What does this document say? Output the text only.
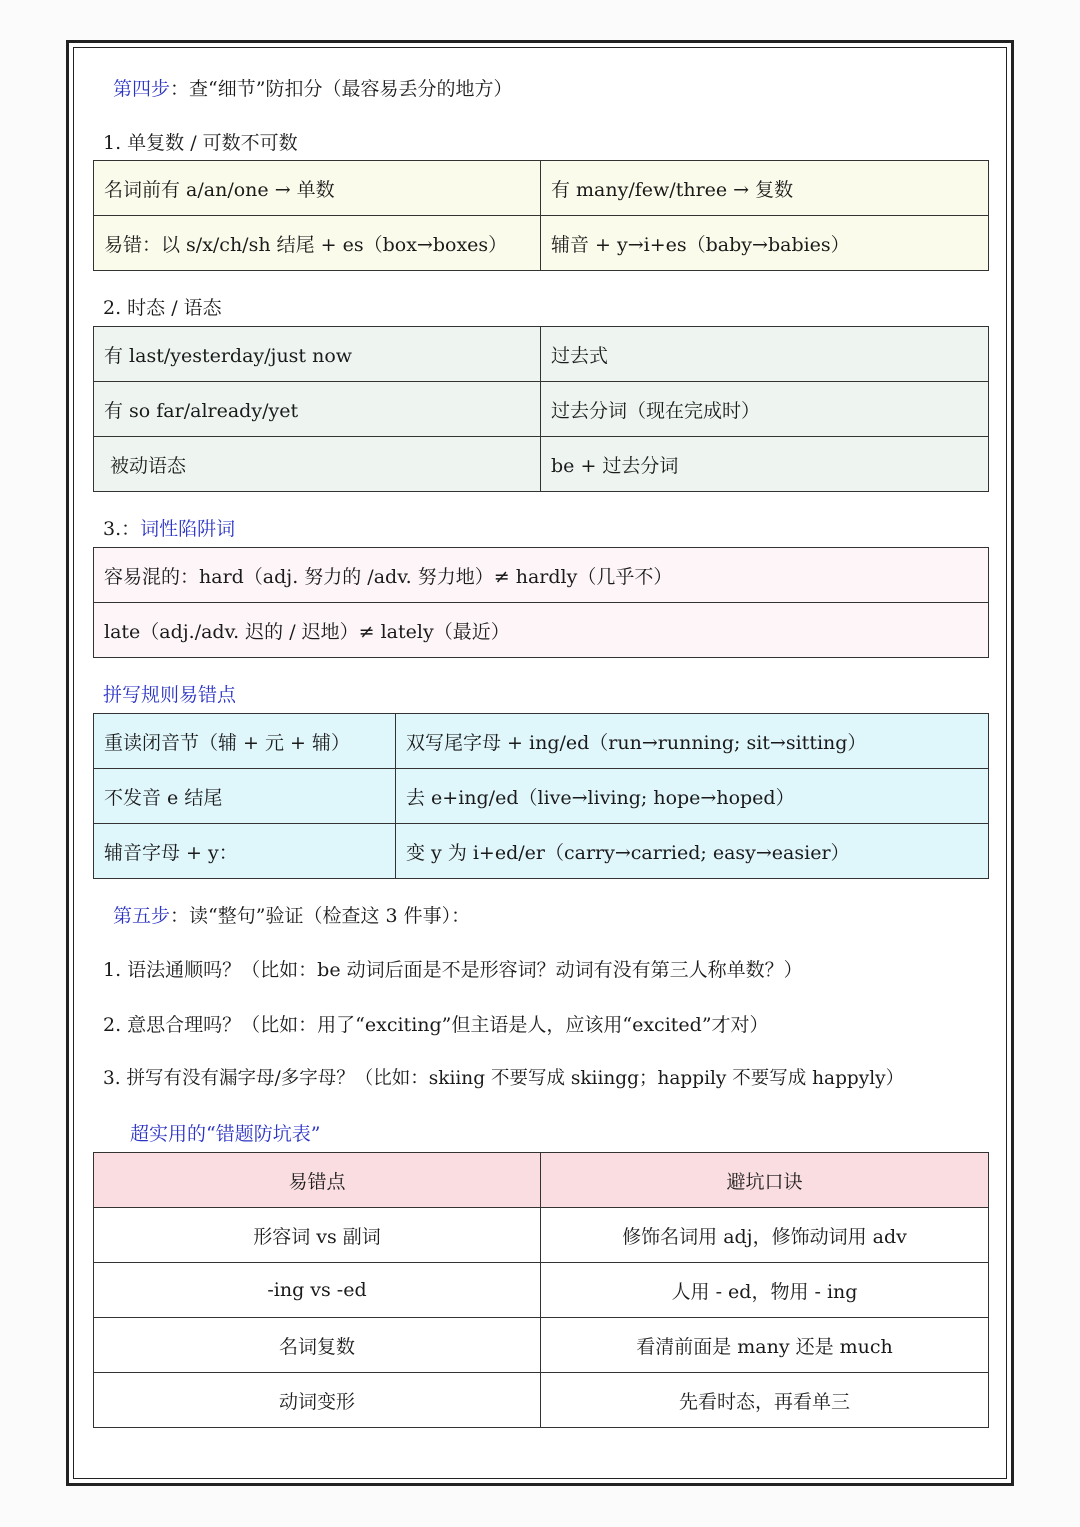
第四步：查“细节”防扣分（最容易丢分的地方）
1. 单复数 / 可数不可数
名词前有 a/an/one → 单数	有 many/few/three → 复数
易错：以 s/x/ch/sh 结尾 + es（box→boxes）	辅音 + y→i+es（baby→babies）
2. 时态 / 语态
有 last/yesterday/just now	过去式
有 so far/already/yet	过去分词（现在完成时）
被动语态	be + 过去分词
3.：词性陷阱词
容易混的：hard（adj. 努力的 /adv. 努力地）≠ hardly（几乎不）
late（adj./adv. 迟的 / 迟地）≠ lately（最近）
拼写规则易错点
重读闭音节（辅 + 元 + 辅）	双写尾字母 + ing/ed（run→running; sit→sitting）
不发音 e 结尾	去 e+ing/ed（live→living; hope→hoped）
辅音字母 + y：	变 y 为 i+ed/er（carry→carried; easy→easier）
第五步：读“整句”验证（检查这 3 件事）：
1. 语法通顺吗？（比如：be 动词后面是不是形容词？动词有没有第三人称单数？）
2. 意思合理吗？（比如：用了“exciting”但主语是人，应该用“excited”才对）
3. 拼写有没有漏字母/多字母？（比如：skiing 不要写成 skiingg；happily 不要写成 happyly）
超实用的“错题防坑表”
易错点	避坑口诀
形容词 vs 副词	修饰名词用 adj，修饰动词用 adv
-ing vs -ed	人用 - ed，物用 - ing
名词复数	看清前面是 many 还是 much
动词变形	先看时态，再看单三
